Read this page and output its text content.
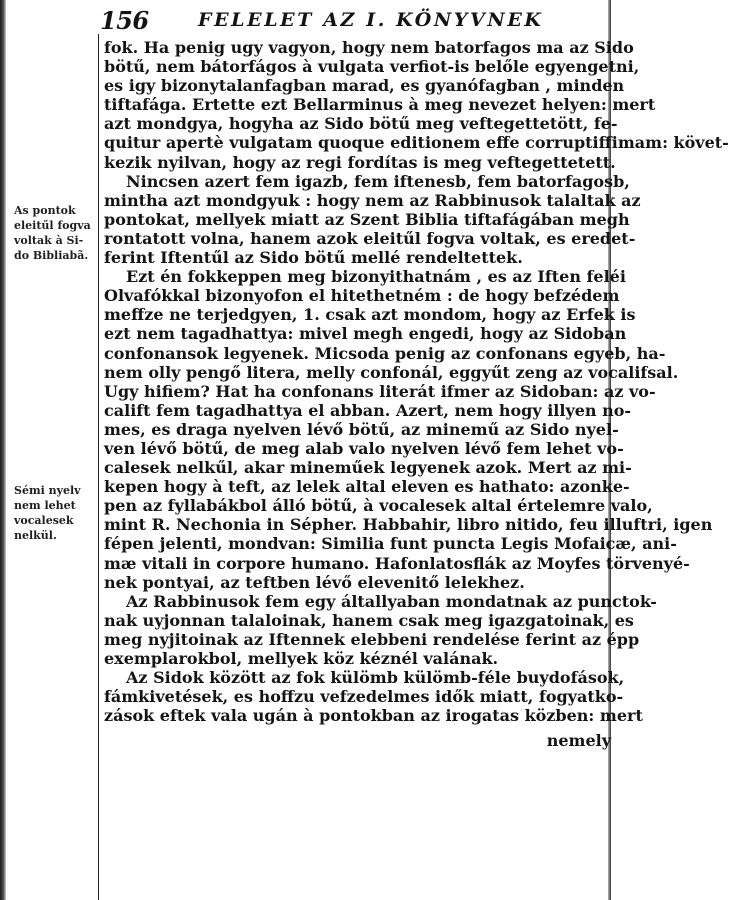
156	FELELET AZ I. KÖNYVNEK
As pontok
eleitűl fogva
voltak à Si-
do Bibliabã.
Sémi nyelv
nem lehet
vocalesek
nelkül.
fok. Ha penig ugy vagyon, hogy nem batorfagos ma az Sido
bötű, nem bátorfágos à vulgata verfiot-is belőle egyengetni,
es igy bizonytalanfagban marad, es gyanófagban , minden
tiftafága. Ertette ezt Bellarminus à meg nevezet helyen: mert
azt mondgya, hogyha az Sido bötű meg veftegettetött, fe-
quitur apertè vulgatam quoque editionem effe corruptiffimam: követ-
kezik nyilvan, hogy az regi fordítas is meg veftegettetett.
Nincsen azert fem igazb, fem iftenesb, fem batorfagosb,
mintha azt mondgyuk : hogy nem az Rabbinusok talaltak az
pontokat, mellyek miatt az Szent Biblia tiftafágában megh
rontatott volna, hanem azok eleitűl fogva voltak, es eredet-
ferint Iftentűl az Sido bötű mellé rendeltettek.
Ezt én fokkeppen meg bizonyithatnám , es az Iften feléi
Olvafókkal bizonyofon el hitethetném : de hogy befzédem
meffze ne terjedgyen, 1. csak azt mondom, hogy az Erfek is
ezt nem tagadhattya: mivel megh engedi, hogy az Sidoban
confonansok legyenek. Micsoda penig az confonans egyeb, ha-
nem olly pengő litera, melly confonál, eggyűt zeng az vocalifsal.
Ugy hifiem? Hat ha confonans literát ifmer az Sidoban: az vo-
calift fem tagadhattya el abban. Azert, nem hogy illyen no-
mes, es draga nyelven lévő bötű, az minemű az Sido nyel-
ven lévő bötű, de meg alab valo nyelven lévő fem lehet vo-
calesek nelkűl, akar mineműek legyenek azok. Mert az mi-
kepen hogy à teft, az lelek altal eleven es hathato: azonke-
pen az fyllabákbol álló bötű, à vocalesek altal értelemre valo,
mint R. Nechonia in Sépher. Habbahir, libro nitido, feu illuftri, igen
fépen jelenti, mondvan: Similia funt puncta Legis Mofaicæ, ani-
mæ vitali in corpore humano. Hafonlatosflák az Moyfes törvenyé-
nek pontyai, az teftben lévő elevenitő lelekhez.
Az Rabbinusok fem egy általlyaban mondatnak az punctok-
nak uyjonnan talaloinak, hanem csak meg igazgatoinak, es
meg nyjitoinak az Iftennek elebbeni rendelése ferint az épp
exemplarokbol, mellyek köz kéznél valának.
Az Sidok között az fok külömb külömb-féle buydofások,
fámkivetések, es hoffzu vefzedelmes idők miatt, fogyatko-
zások eftek vala ugán à pontokban az irogatas közben: mert
nemely
